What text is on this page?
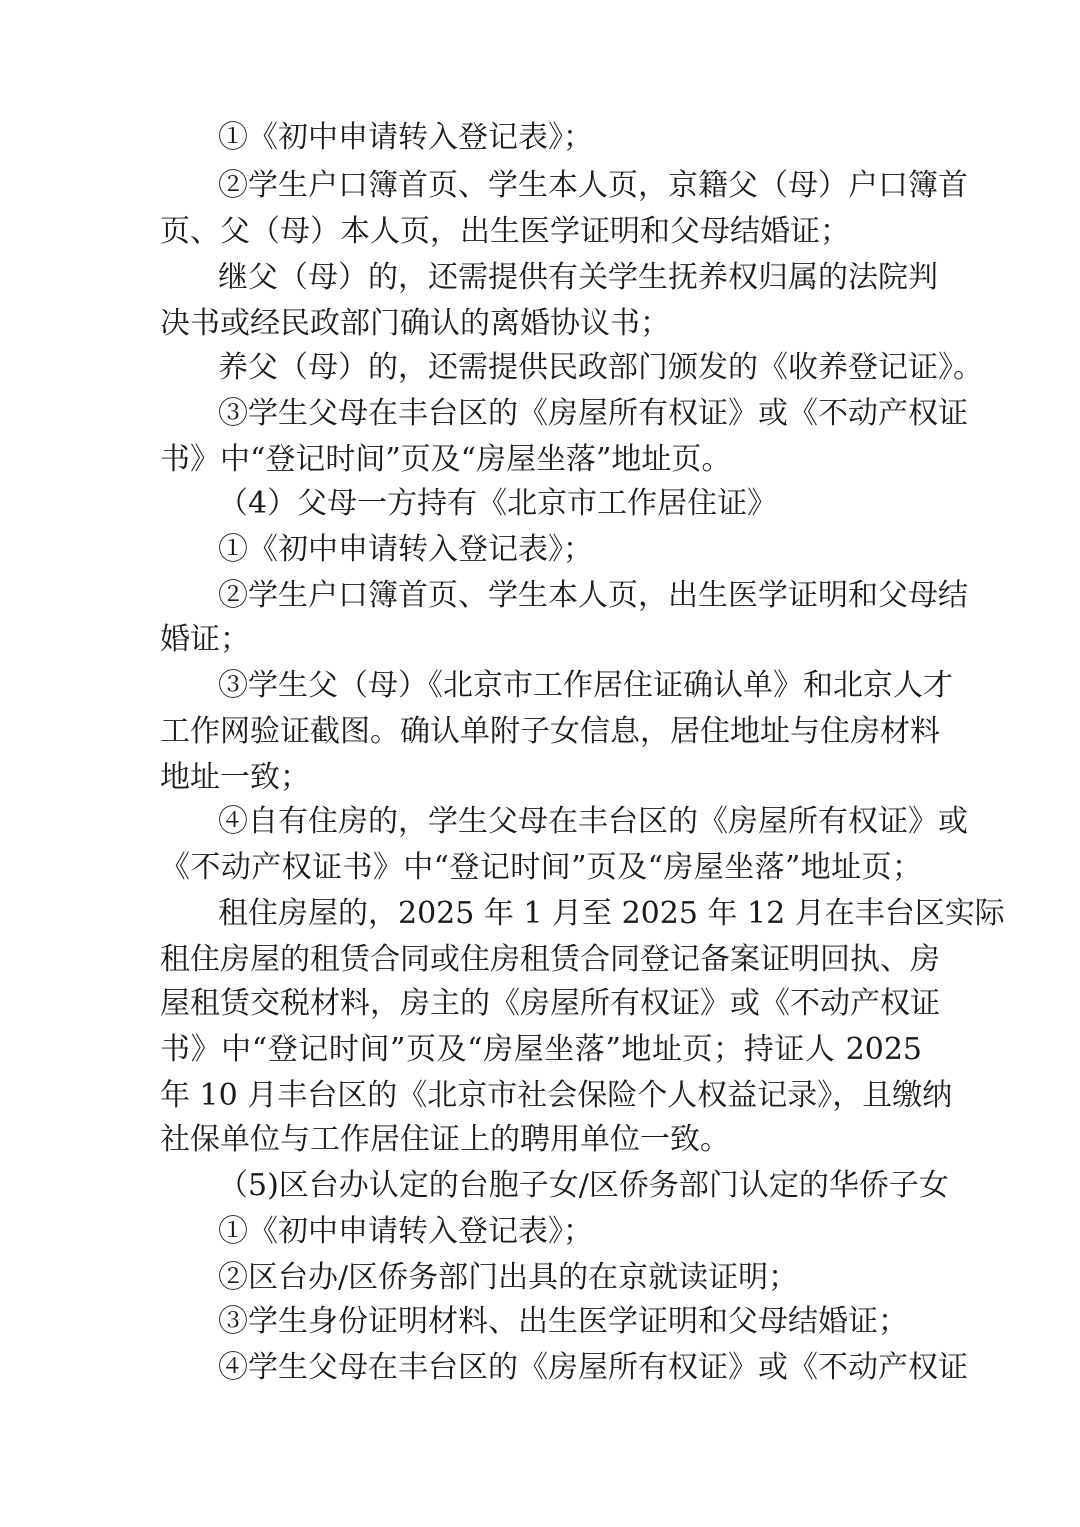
①《初中申请转入登记表》；
②学生户口簿首页、学生本人页，京籍父（母）户口簿首
页、父（母）本人页，出生医学证明和父母结婚证；
继父（母）的，还需提供有关学生抚养权归属的法院判
决书或经民政部门确认的离婚协议书；
养父（母）的，还需提供民政部门颁发的《收养登记证》。
③学生父母在丰台区的《房屋所有权证》或《不动产权证
书》中“登记时间”页及“房屋坐落”地址页。
（4）父母一方持有《北京市工作居住证》
①《初中申请转入登记表》；
②学生户口簿首页、学生本人页，出生医学证明和父母结
婚证；
③学生父（母）《北京市工作居住证确认单》和北京人才
工作网验证截图。确认单附子女信息，居住地址与住房材料
地址一致；
④自有住房的，学生父母在丰台区的《房屋所有权证》或
《不动产权证书》中“登记时间”页及“房屋坐落”地址页；
租住房屋的，2025 年 1 月至 2025 年 12 月在丰台区实际
租住房屋的租赁合同或住房租赁合同登记备案证明回执、房
屋租赁交税材料，房主的《房屋所有权证》或《不动产权证
书》中“登记时间”页及“房屋坐落”地址页；持证人 2025
年 10 月丰台区的《北京市社会保险个人权益记录》，且缴纳
社保单位与工作居住证上的聘用单位一致。
（5)区台办认定的台胞子女/区侨务部门认定的华侨子女
①《初中申请转入登记表》；
②区台办/区侨务部门出具的在京就读证明；
③学生身份证明材料、出生医学证明和父母结婚证；
④学生父母在丰台区的《房屋所有权证》或《不动产权证
